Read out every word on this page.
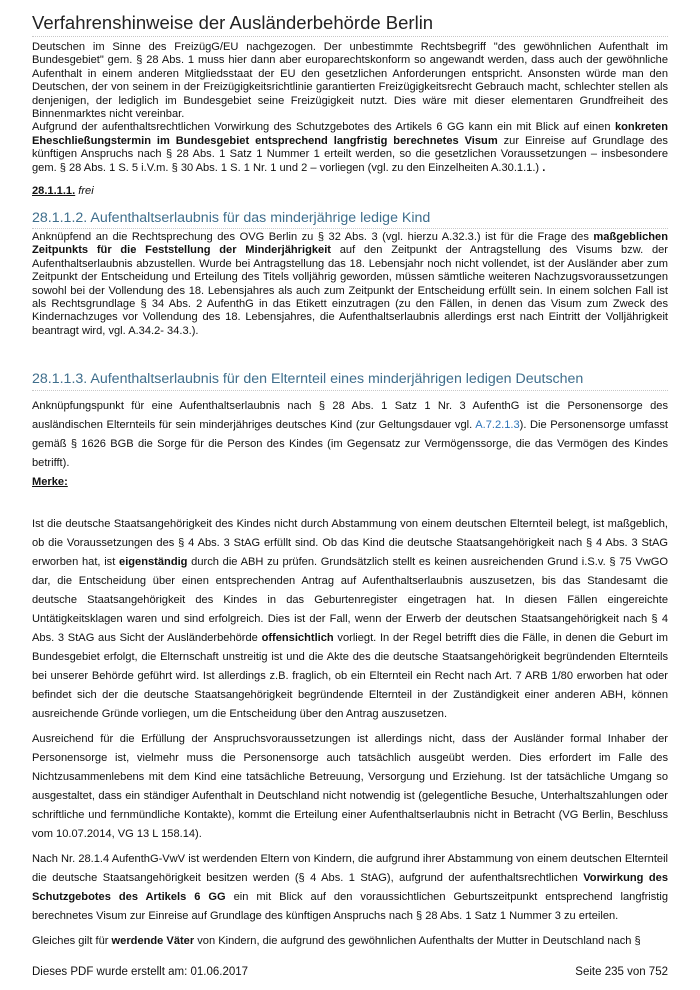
Verfahrenshinweise der Ausländerbehörde Berlin

Deutschen im Sinne des FreizügG/EU nachgezogen. Der unbestimmte Rechtsbegriff "des gewöhnlichen Aufenthalt im Bundesgebiet" gem. § 28 Abs. 1 muss hier dann aber europarechtskonform so angewandt werden, dass auch der gewöhnliche Aufenthalt in einem anderen Mitgliedsstaat der EU den gesetzlichen Anforderungen entspricht. Ansonsten würde man den Deutschen, der von seinem in der Freizügigkeitsrichtlinie garantierten Freizügigkeitsrecht Gebrauch macht, schlechter stellen als denjenigen, der lediglich im Bundesgebiet seine Freizügigkeit nutzt. Dies wäre mit dieser elementaren Grundfreiheit des Binnenmarktes nicht vereinbar.

Aufgrund der aufenthaltsrechtlichen Vorwirkung des Schutzgebotes des Artikels 6 GG kann ein mit Blick auf einen konkreten Eheschließungstermin im Bundesgebiet entsprechend langfristig berechnetes Visum zur Einreise auf Grundlage des künftigen Anspruchs nach § 28 Abs. 1 Satz 1 Nummer 1 erteilt werden, so die gesetzlichen Voraussetzungen – insbesondere gem. § 28 Abs. 1 S. 5 i.V.m. § 30 Abs. 1 S. 1 Nr. 1 und 2 – vorliegen (vgl. zu den Einzelheiten A.30.1.1.) .

28.1.1.1. frei
28.1.1.2. Aufenthaltserlaubnis für das minderjährige ledige Kind

Anknüpfend an die Rechtsprechung des OVG Berlin zu § 32 Abs. 3 (vgl. hierzu A.32.3.) ist für die Frage des maßgeblichen Zeitpunkts für die Feststellung der Minderjährigkeit auf den Zeitpunkt der Antragstellung des Visums bzw. der Aufenthaltserlaubnis abzustellen. Wurde bei Antragstellung das 18. Lebensjahr noch nicht vollendet, ist der Ausländer aber zum Zeitpunkt der Entscheidung und Erteilung des Titels volljährig geworden, müssen sämtliche weiteren Nachzugsvoraussetzungen sowohl bei der Vollendung des 18. Lebensjahres als auch zum Zeitpunkt der Entscheidung erfüllt sein. In einem solchen Fall ist als Rechtsgrundlage § 34 Abs. 2 AufenthG in das Etikett einzutragen (zu den Fällen, in denen das Visum zum Zweck des Kindernachzuges vor Vollendung des 18. Lebensjahres, die Aufenthaltserlaubnis allerdings erst nach Eintritt der Volljährigkeit beantragt wird, vgl. A.34.2- 34.3.).

28.1.1.3. Aufenthaltserlaubnis für den Elternteil eines minderjährigen ledigen Deutschen

Anknüpfungspunkt für eine Aufenthaltserlaubnis nach § 28 Abs. 1 Satz 1 Nr. 3 AufenthG ist die Personensorge des ausländischen Elternteils für sein minderjähriges deutsches Kind (zur Geltungsdauer vgl. A.7.2.1.3). Die Personensorge umfasst gemäß § 1626 BGB die Sorge für die Person des Kindes (im Gegensatz zur Vermögenssorge, die das Vermögen des Kindes betrifft).

Merke:

Ist die deutsche Staatsangehörigkeit des Kindes nicht durch Abstammung von einem deutschen Elternteil belegt, ist maßgeblich, ob die Voraussetzungen des § 4 Abs. 3 StAG erfüllt sind. Ob das Kind die deutsche Staatsangehörigkeit nach § 4 Abs. 3 StAG erworben hat, ist eigenständig durch die ABH zu prüfen. Grundsätzlich stellt es keinen ausreichenden Grund i.S.v. § 75 VwGO dar, die Entscheidung über einen entsprechenden Antrag auf Aufenthaltserlaubnis auszusetzen, bis das Standesamt die deutsche Staatsangehörigkeit des Kindes in das Geburtenregister eingetragen hat. In diesen Fällen eingereichte Untätigkeitsklagen waren und sind erfolgreich. Dies ist der Fall, wenn der Erwerb der deutschen Staatsangehörigkeit nach § 4 Abs. 3 StAG aus Sicht der Ausländerbehörde offensichtlich vorliegt. In der Regel betrifft dies die Fälle, in denen die Geburt im Bundesgebiet erfolgt, die Elternschaft unstreitig ist und die Akte des die deutsche Staatsangehörigkeit begründenden Elternteils bei unserer Behörde geführt wird. Ist allerdings z.B. fraglich, ob ein Elternteil ein Recht nach Art. 7 ARB 1/80 erworben hat oder befindet sich der die deutsche Staatsangehörigkeit begründende Elternteil in der Zuständigkeit einer anderen ABH, können ausreichende Gründe vorliegen, um die Entscheidung über den Antrag auszusetzen.

Ausreichend für die Erfüllung der Anspruchsvoraussetzungen ist allerdings nicht, dass der Ausländer formal Inhaber der Personensorge ist, vielmehr muss die Personensorge auch tatsächlich ausgeübt werden. Dies erfordert im Falle des Nichtzusammenlebens mit dem Kind eine tatsächliche Betreuung, Versorgung und Erziehung. Ist der tatsächliche Umgang so ausgestaltet, dass ein ständiger Aufenthalt in Deutschland nicht notwendig ist (gelegentliche Besuche, Unterhaltszahlungen oder schriftliche und fernmündliche Kontakte), kommt die Erteilung einer Aufenthaltserlaubnis nicht in Betracht (VG Berlin, Beschluss vom 10.07.2014, VG 13 L 158.14).

Nach Nr. 28.1.4 AufenthG-VwV ist werdenden Eltern von Kindern, die aufgrund ihrer Abstammung von einem deutschen Elternteil die deutsche Staatsangehörigkeit besitzen werden (§ 4 Abs. 1 StAG), aufgrund der aufenthaltsrechtlichen Vorwirkung des Schutzgebotes des Artikels 6 GG ein mit Blick auf den voraussichtlichen Geburtszeitpunkt entsprechend langfristig berechnetes Visum zur Einreise auf Grundlage des künftigen Anspruchs nach § 28 Abs. 1 Satz 1 Nummer 3 zu erteilen.

Gleiches gilt für werdende Väter von Kindern, die aufgrund des gewöhnlichen Aufenthalts der Mutter in Deutschland nach §

Dieses PDF wurde erstellt am: 01.06.2017	Seite 235 von 752
